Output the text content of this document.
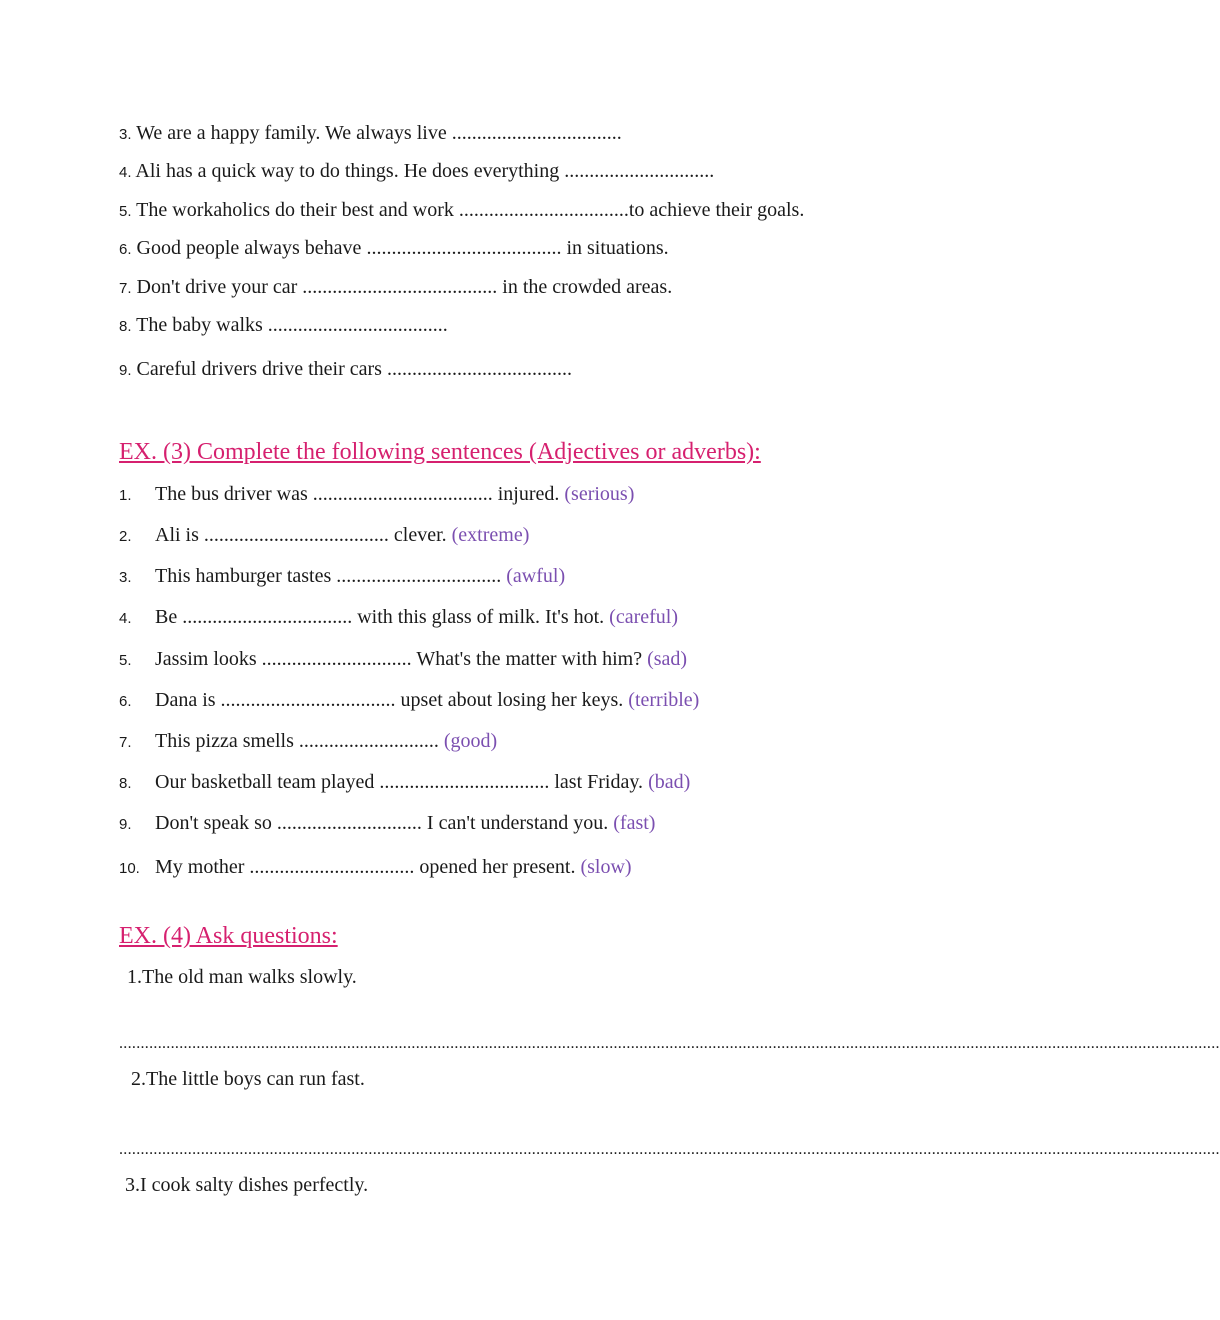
3. We are a happy family. We always live ..................................
4. Ali has a quick way to do things. He does everything ..............................
5. The workaholics do their best and work ..................................to achieve their goals.
6. Good people always behave ....................................... in situations.
7. Don't drive your car ....................................... in the crowded areas.
8. The baby walks ....................................
9. Careful drivers drive their cars .....................................
EX. (3) Complete the following sentences (Adjectives or adverbs):
1. The bus driver was .................................... injured. (serious)
2. Ali is ..................................... clever. (extreme)
3. This hamburger tastes ................................. (awful)
4. Be .................................. with this glass of milk. It's hot. (careful)
5. Jassim looks .............................. What's the matter with him? (sad)
6. Dana is ................................... upset about losing her keys. (terrible)
7. This pizza smells ............................ (good)
8. Our basketball team played .................................. last Friday. (bad)
9. Don't speak so ............................. I can't understand you. (fast)
10. My mother ................................. opened her present. (slow)
EX. (4) Ask questions:
1.The old man walks slowly.
................................................................................................................................................................................................................................................................
2.The little boys can run fast.
................................................................................................................................................................................................................................................................
3.I cook salty dishes perfectly.
